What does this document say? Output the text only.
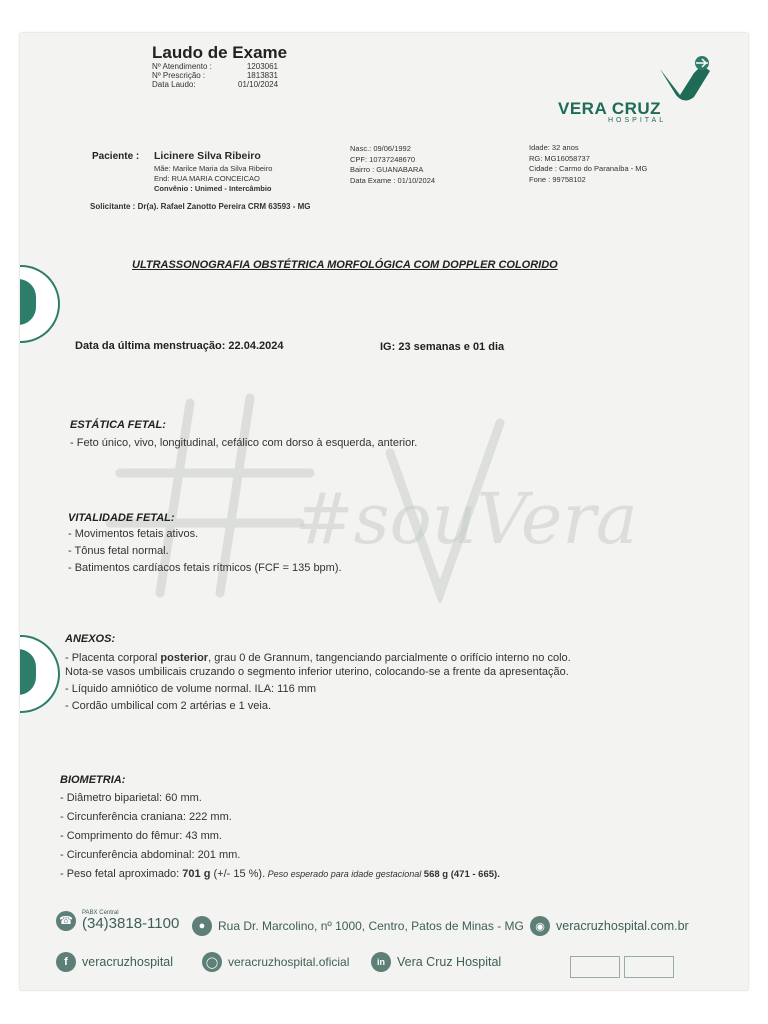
Laudo de Exame
Nº Atendimento :	1203061
Nº Prescrição :	1813831
Data Laudo:	01/10/2024
VERA CRUZ
HOSPITAL
Paciente : Licinere Silva Ribeiro
Mãe: Marilce Maria da Silva Ribeiro
End: RUA MARIA CONCEICAO
Convênio : Unimed - Intercâmbio
Nasc.: 09/06/1992
CPF: 10737248670
Bairro : GUANABARA
Data Exame : 01/10/2024
Idade: 32 anos
RG: MG16058737
Cidade : Carmo do Paranaíba - MG
Fone : 99758102
Solicitante : Dr(a). Rafael Zanotto Pereira CRM 63593 - MG
ULTRASSONOGRAFIA OBSTÉTRICA MORFOLÓGICA COM DOPPLER COLORIDO
Data da última menstruação: 22.04.2024	IG: 23 semanas e 01 dia
#souVera
ESTÁTICA FETAL:
- Feto único, vivo, longitudinal, cefálico com dorso à esquerda, anterior.
VITALIDADE FETAL:
- Movimentos fetais ativos.
- Tônus fetal normal.
- Batimentos cardíacos fetais rítmicos (FCF = 135 bpm).
ANEXOS:
- Placenta corporal posterior, grau 0 de Grannum, tangenciando parcialmente o orifício interno no colo.
Nota-se vasos umbilicais cruzando o segmento inferior uterino, colocando-se a frente da apresentação.
- Líquido amniótico de volume normal. ILA: 116 mm
- Cordão umbilical com 2 artérias e 1 veia.
BIOMETRIA:
- Diâmetro biparietal: 60 mm.
- Circunferência craniana: 222 mm.
- Comprimento do fêmur: 43 mm.
- Circunferência abdominal: 201 mm.
- Peso fetal aproximado: 701 g (+/- 15 %). Peso esperado para idade gestacional 568 g (471 - 665).
☎
PABX Central
(34)3818-1100	●	Rua Dr. Marcolino, nº 1000, Centro, Patos de Minas - MG	◉ veracruzhospital.com.br
f	veracruzhospital	◯ veracruzhospital.oficial	in Vera Cruz Hospital
